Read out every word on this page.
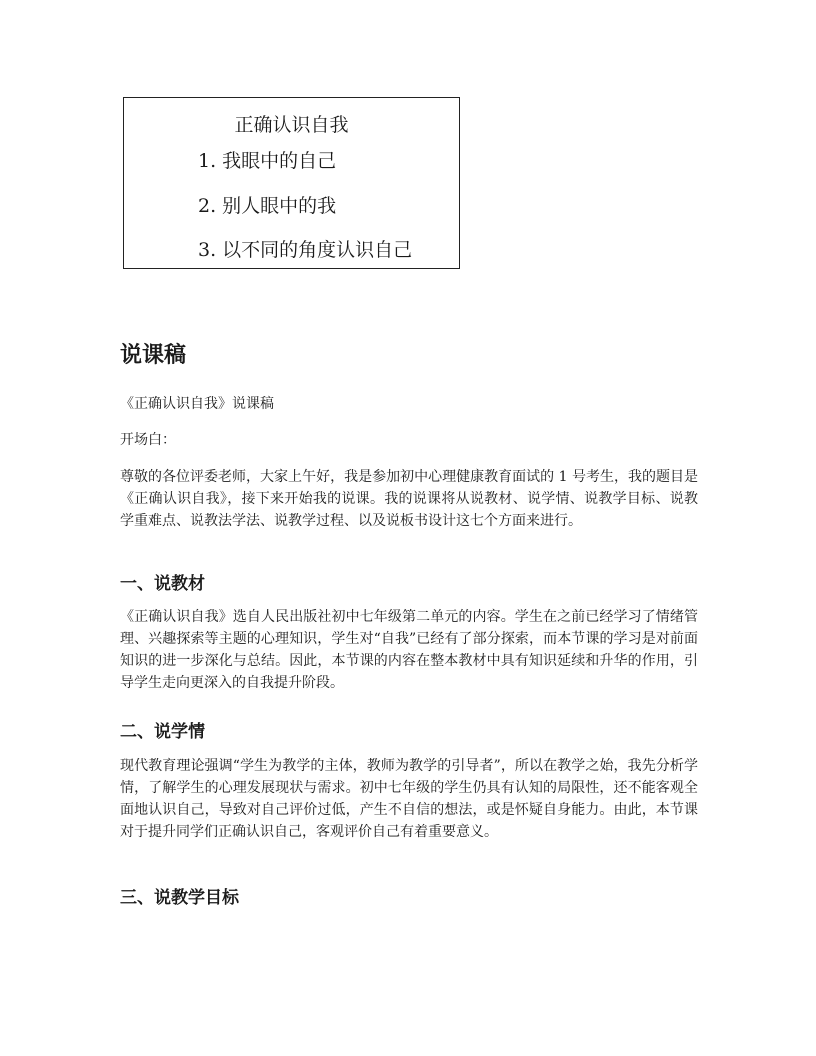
正确认识自我
1. 我眼中的自己
2. 别人眼中的我
3. 以不同的角度认识自己
说课稿

《正确认识自我》说课稿

开场白：

尊敬的各位评委老师，大家上午好，我是参加初中心理健康教育面试的 1 号考生，我的题目是《正确认识自我》，接下来开始我的说课。我的说课将从说教材、说学情、说教学目标、说教学重难点、说教法学法、说教学过程、以及说板书设计这七个方面来进行。

一、说教材

《正确认识自我》选自人民出版社初中七年级第二单元的内容。学生在之前已经学习了情绪管理、兴趣探索等主题的心理知识，学生对“自我”已经有了部分探索，而本节课的学习是对前面知识的进一步深化与总结。因此，本节课的内容在整本教材中具有知识延续和升华的作用，引导学生走向更深入的自我提升阶段。

二、说学情

现代教育理论强调“学生为教学的主体，教师为教学的引导者”，所以在教学之始，我先分析学情，了解学生的心理发展现状与需求。初中七年级的学生仍具有认知的局限性，还不能客观全面地认识自己，导致对自己评价过低，产生不自信的想法，或是怀疑自身能力。由此，本节课对于提升同学们正确认识自己，客观评价自己有着重要意义。

三、说教学目标
